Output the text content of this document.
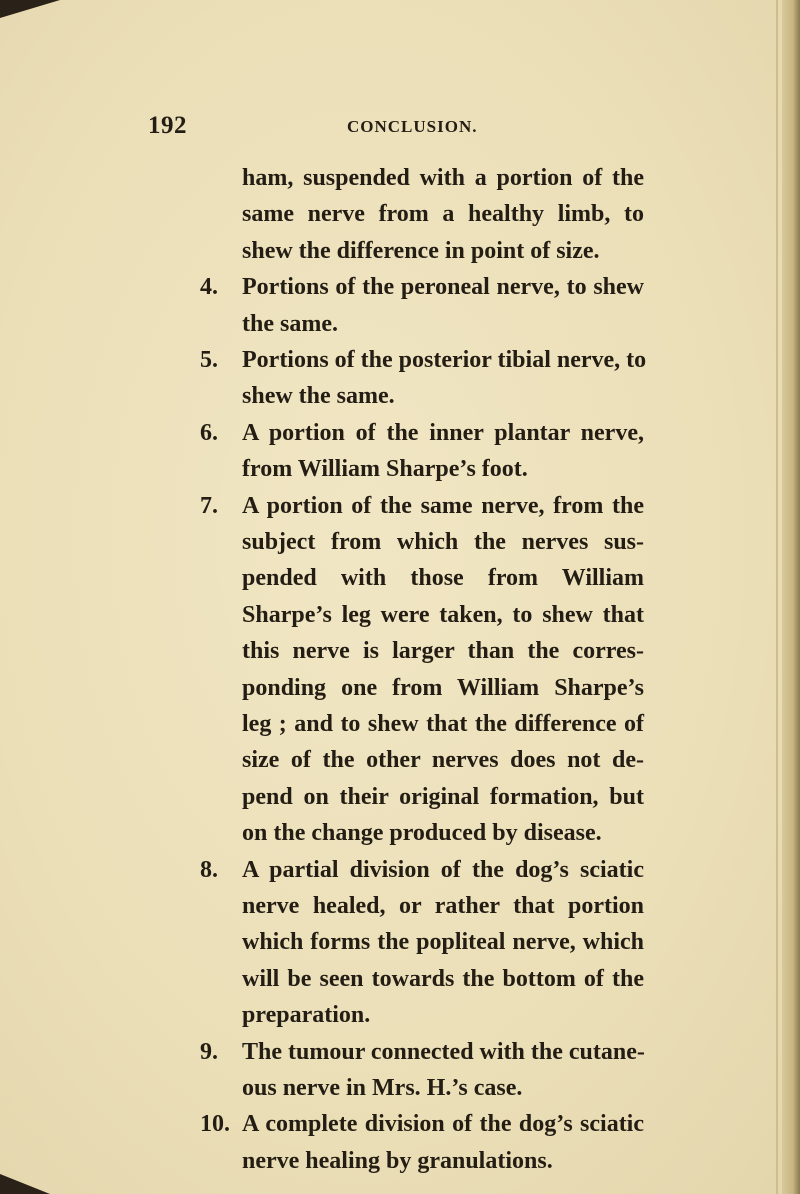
192	CONCLUSION.
ham, suspended with a portion of the
same nerve from a healthy limb, to
shew the difference in point of size.
4.	Portions of the peroneal nerve, to shew
the same.
5.	Portions of the posterior tibial nerve, to
shew the same.
6.	A portion of the inner plantar nerve,
from William Sharpe’s foot.
7.	A portion of the same nerve, from the
subject from which the nerves sus-
pended with those from William
Sharpe’s leg were taken, to shew that
this nerve is larger than the corres-
ponding one from William Sharpe’s
leg ; and to shew that the difference of
size of the other nerves does not de-
pend on their original formation, but
on the change produced by disease.
8.	A partial division of the dog’s sciatic
nerve healed, or rather that portion
which forms the popliteal nerve, which
will be seen towards the bottom of the
preparation.
9.	The tumour connected with the cutane-
ous nerve in Mrs. H.’s case.
10. A complete division of the dog’s sciatic
nerve healing by granulations.
